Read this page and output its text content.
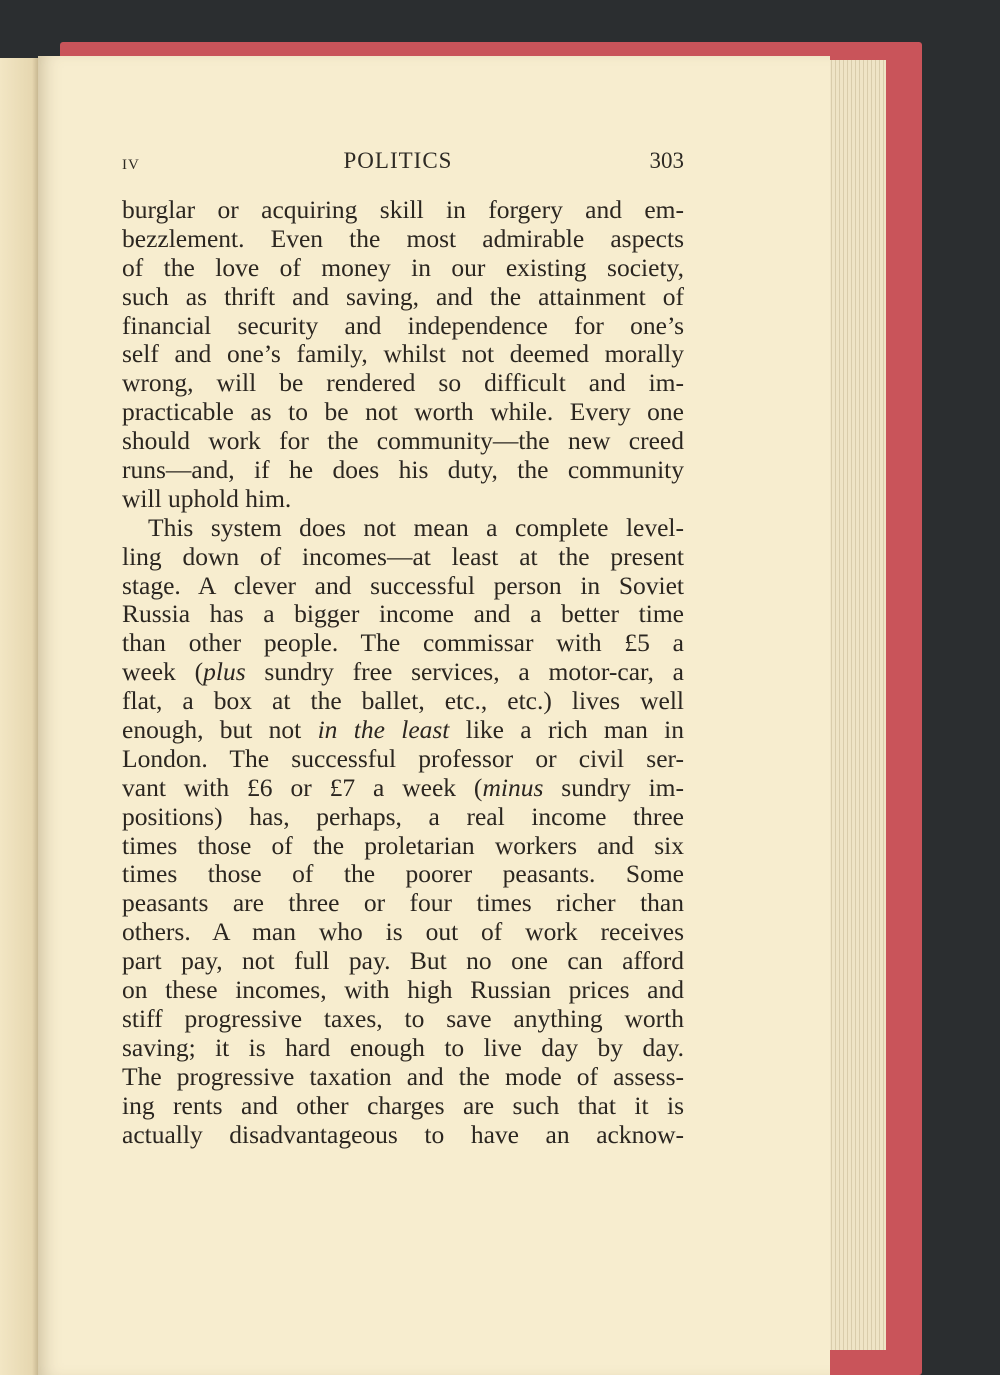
IV	POLITICS	303
burglar or acquiring skill in forgery and em-
bezzlement. Even the most admirable aspects
of the love of money in our existing society,
such as thrift and saving, and the attainment of
financial security and independence for one’s
self and one’s family, whilst not deemed morally
wrong, will be rendered so difficult and im-
practicable as to be not worth while. Every one
should work for the community—the new creed
runs—and, if he does his duty, the community
will uphold him.
This system does not mean a complete level-
ling down of incomes—at least at the present
stage. A clever and successful person in Soviet
Russia has a bigger income and a better time
than other people. The commissar with £5 a
week (plus sundry free services, a motor-car, a
flat, a box at the ballet, etc., etc.) lives well
enough, but not in the least like a rich man in
London. The successful professor or civil ser-
vant with £6 or £7 a week (minus sundry im-
positions) has, perhaps, a real income three
times those of the proletarian workers and six
times those of the poorer peasants. Some
peasants are three or four times richer than
others. A man who is out of work receives
part pay, not full pay. But no one can afford
on these incomes, with high Russian prices and
stiff progressive taxes, to save anything worth
saving; it is hard enough to live day by day.
The progressive taxation and the mode of assess-
ing rents and other charges are such that it is
actually disadvantageous to have an acknow-
